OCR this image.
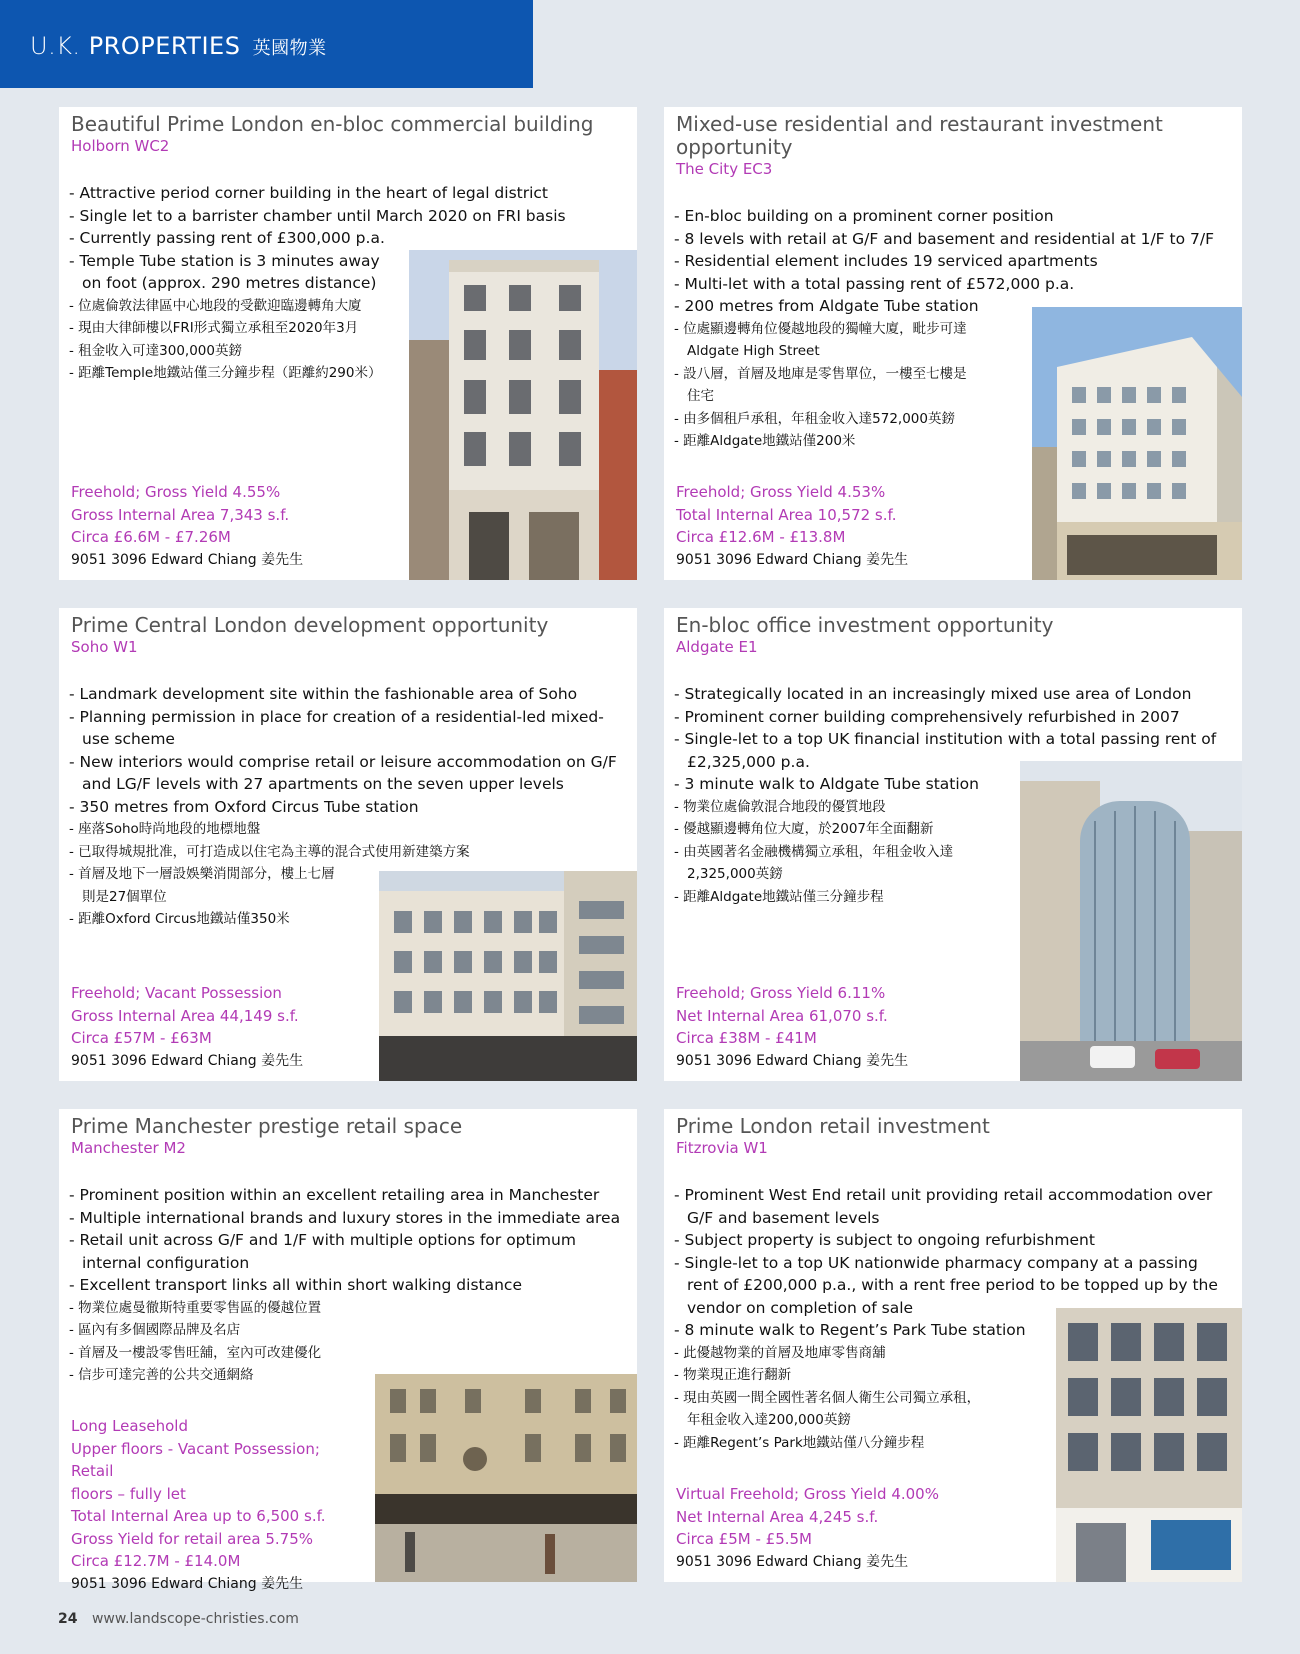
U.K. PROPERTIES 英國物業
Beautiful Prime London en-bloc commercial building
Holborn WC2
- Attractive period corner building in the heart of legal district
- Single let to a barrister chamber until March 2020 on FRI basis
- Currently passing rent of £300,000 p.a.
- Temple Tube station is 3 minutes away
on foot (approx. 290 metres distance)
- 位處倫敦法律區中心地段的受歡迎臨邊轉角大廈
- 現由大律師樓以FRI形式獨立承租至2020年3月
- 租金收入可達300,000英鎊
- 距離Temple地鐵站僅三分鐘步程（距離約290米）
Freehold; Gross Yield 4.55%
Gross Internal Area 7,343 s.f.
Circa £6.6M - £7.26M
9051 3096 Edward Chiang 姜先生
Mixed-use residential and restaurant investment opportunity
The City EC3
- En-bloc building on a prominent corner position
- 8 levels with retail at G/F and basement and residential at 1/F to 7/F
- Residential element includes 19 serviced apartments
- Multi-let with a total passing rent of £572,000 p.a.
- 200 metres from Aldgate Tube station
- 位處顯邊轉角位優越地段的獨幢大廈，毗步可達
Aldgate High Street
- 設八層，首層及地庫是零售單位，一樓至七樓是
住宅
- 由多個租戶承租，年租金收入達572,000英鎊
- 距離Aldgate地鐵站僅200米
Freehold; Gross Yield 4.53%
Total Internal Area 10,572 s.f.
Circa £12.6M - £13.8M
9051 3096 Edward Chiang 姜先生
Prime Central London development opportunity
Soho W1
- Landmark development site within the fashionable area of Soho
- Planning permission in place for creation of a residential-led mixed-
use scheme
- New interiors would comprise retail or leisure accommodation on G/F
and LG/F levels with 27 apartments on the seven upper levels
- 350 metres from Oxford Circus Tube station
- 座落Soho時尚地段的地標地盤
- 已取得城規批准，可打造成以住宅為主導的混合式使用新建築方案
- 首層及地下一層設娛樂消閒部分，樓上七層
則是27個單位
- 距離Oxford Circus地鐵站僅350米
Freehold; Vacant Possession
Gross Internal Area 44,149 s.f.
Circa £57M - £63M
9051 3096 Edward Chiang 姜先生
En-bloc office investment opportunity
Aldgate E1
- Strategically located in an increasingly mixed use area of London
- Prominent corner building comprehensively refurbished in 2007
- Single-let to a top UK financial institution with a total passing rent of
£2,325,000 p.a.
- 3 minute walk to Aldgate Tube station
- 物業位處倫敦混合地段的優質地段
- 優越顯邊轉角位大廈，於2007年全面翻新
- 由英國著名金融機構獨立承租，年租金收入達
2,325,000英鎊
- 距離Aldgate地鐵站僅三分鐘步程
Freehold; Gross Yield 6.11%
Net Internal Area 61,070 s.f.
Circa £38M - £41M
9051 3096 Edward Chiang 姜先生
Prime Manchester prestige retail space
Manchester M2
- Prominent position within an excellent retailing area in Manchester
- Multiple international brands and luxury stores in the immediate area
- Retail unit across G/F and 1/F with multiple options for optimum
internal configuration
- Excellent transport links all within short walking distance
- 物業位處曼徹斯特重要零售區的優越位置
- 區內有多個國際品牌及名店
- 首層及一樓設零售旺舖，室內可改建優化
- 信步可達完善的公共交通網絡
Long Leasehold
Upper floors - Vacant Possession; Retail
floors – fully let
Total Internal Area up to 6,500 s.f.
Gross Yield for retail area 5.75%
Circa £12.7M - £14.0M
9051 3096 Edward Chiang 姜先生
Prime London retail investment
Fitzrovia W1
- Prominent West End retail unit providing retail accommodation over
G/F and basement levels
- Subject property is subject to ongoing refurbishment
- Single-let to a top UK nationwide pharmacy company at a passing
rent of £200,000 p.a., with a rent free period to be topped up by the
vendor on completion of sale
- 8 minute walk to Regent’s Park Tube station
- 此優越物業的首層及地庫零售商舖
- 物業現正進行翻新
- 現由英國一間全國性著名個人衛生公司獨立承租，
年租金收入達200,000英鎊
- 距離Regent’s Park地鐵站僅八分鐘步程
Virtual Freehold; Gross Yield 4.00%
Net Internal Area 4,245 s.f.
Circa £5M - £5.5M
9051 3096 Edward Chiang 姜先生
24 www.landscope-christies.com
